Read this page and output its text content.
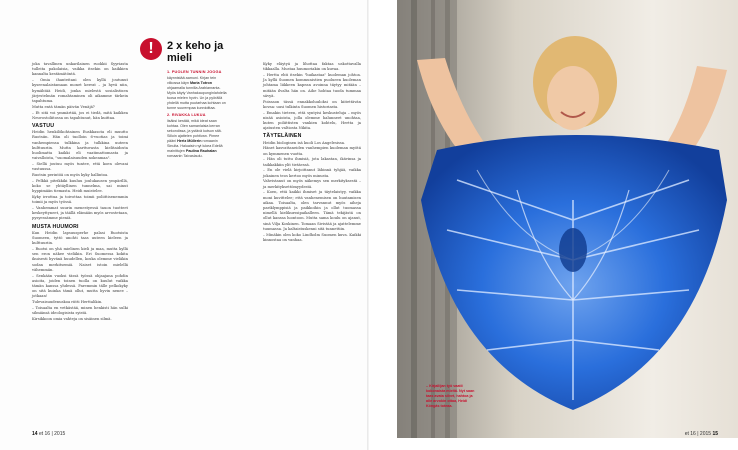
joka tavallinen unkarilainen ruokkii Syyriasta tulleita pakolaisia, vaikka itsekin on kaikkien kannalta kestämätöntä.

– Omia ihanteitani olen kyllä joutunut kyseenalaistamaan monet kerrat – ja hyvä niin, hymähtää Heidi, jonka mielestä sosialistisen järjestelmän romahtaminen oli aikamme tärkein tapahtuma.

Mutta entä tämän päivän Venäjä?

– Et sitä voi ymmärtää, jos ei tiedä, mitä kaikkea Neuvostoliitossa on tapahtunut, hän kuittaa.

VASTUU

Heidin henkilökohtainen Euskkasota eli muutto Ruotsiin. Hän oli tuolloin 6-vuotias ja toimi vanhempiensa tulkkina ja tulkkina uuteen kulttuuriin. Mutta karttuvasta kielitaidosta huolimatta kaikki eli vaatimattomasta ja vaivalloista, "suomalaisuuden nokeamaa".

– Siellä joutuu myös tuntee, että koen olevani vastuussa.

Ruotsin perintöä on myös kyky hallintoa.

– Pelkkä pitrikkiki kuuluu joulukausen ympärillä, koko se yhtäyllinen tunnelma, sai minut hyppimään tiemasta. Heidi muistelee.

Kyky irrottua ja toivottaa toimii poliittisenemmin toimii ja myös työssä.

– Vanhemmat suurin menestyessä tauon tuotteet keskeyttyneet, ja täällä elämään myös arvostetaan, pysyessämme pieniä.

MUSTA HUUMORI

Kun Heidin lapsuusperhe palasi Ruotsista Suomeen, tyttö unohti taas uuteen kieleen ja kulttuuriin.

– Ruotsi on yhä mielinen kieli ja maa, mutta kyllä sen eron näkee vieläkin. Eri Suomessa kokita ikuisesti hyvänä huudellen, koska olemme vieläkin sodan merkitsemiä. Naiset istoin mielellä vähemmän.

– Senkään vuoksi tässä työssä ohjaajana pohdin asioita, joiden toinen tuolla on kuulut vaikka tämän kanssa yhdessä. Paremmin tälle pelkokyky on sitä kuinka tämä ollut, mutta hyvin nenee – jotkaan!

Tulevaisuudenuskoa riitti Herttalikin.

– Toisaalta en vetkästää, minen henkisti hän sulki silmiänsä ideologisista syistä.

Kirsikkoon omia vahteja on sisäinen silmä.

!	2 x keho ja mieli
1. PUOLEN TUNNIN JOOGA

käynnistää aamuni. Kirjan tein viikossa käyn Maria Totron ohjaamalla tunnilla Arabianranta. Myös käyty Vanhakaupunginlahdella tuosa mielen hyvin. Un ja pyörällä yhdellä mutta puutarhaa kohtaan on tunne suurempaa kunnioittaa.

2. RIVAKKA LUKUA

lisäksi kestää, mikä ideat saan kohtaa. Olen samanlaisia kerran sekondissa, ja ystävä kutsun sitä. Silloin ajattelen pohtivan. Pimee pääni Hertz Müllerin romaanin Sinulta. Haluaisin nyt lukea Edellä mainittujen Paulina Rauhalan romaanin Taivaslaulu.

14 et 16 | 2015

Kyky eläytyä ja lihottaa faktaa uskottavalla tikkaalla. Mustaa huumoriakin on kuvaa.

– Hertta ehti itsekin "huikastaa" kuoleman johtoa. Ja kyllä Suomen kommunistien puolueen kuoleman johtama liikkeen kapean avoinna täytyy mitään – mitään ilvalta hän on. Aihe hohtaa tuoda tummaa sävyä.

Poissaon tässä ennakkoluuloksi on kiitettävän kovaa: uusi tulkinta Suomen historiasta.

– Emakin tieteen, että syntyisi keskusteluja – myös nisää asioista, jolla olemme halunneet unohtaa, kuten poliittisten vankien kohtelu, Hertta ja ajatusten valtiosta Nikita.

TÄYTELÄINEN

Heidin biologinen isä kuoli Los Angelesissa.

Hänet kasvattaneiden vanhempien kuoleman myötä on kymmenen vuotta.

– Hän oli tuttu ihmisiä, jota lakastan, ikävinsa ja taikkakkiin ylit tietäessä.

– En ole vielä kirjoittanut lähinnä tyhjää, vaikka jokainen teos kertoo myös minusta.

Vahvistanut on myös näkemys sen merkityksestä – ja merkityksettömyydestä.

– Koen, että kaikki ihmiset ja täytelaistyy, vaikka moni kuvittelee; että vanhenemisen on huutamisen aikaa. Toisaalta, olen tarvannut myös aiheja pariklymppisiä ja paikkoihin ja ollut tuomassa nimellä kielikurssipaikalleen. Tämä tekijästä on ollut kanssa luontoon. Mutta sama koulu on ajanut, sinä Vilja Koskinen. Tomaan Sivistää ja ajattelemme tuumassa. Ja kaltaistuskenni sitä tunnettiin.

– Minäkin olen koko Lindholm Suomen kuva. Kaikki kinnostaa on vanhaa.

– Kirjailijan työ vaatii kokonaista mieltä. Nyt saan taas avata silvet, hahtoa ja alle arvokin ottaa, Heidi Köngäs toteaa.
et 16 | 2015 15
